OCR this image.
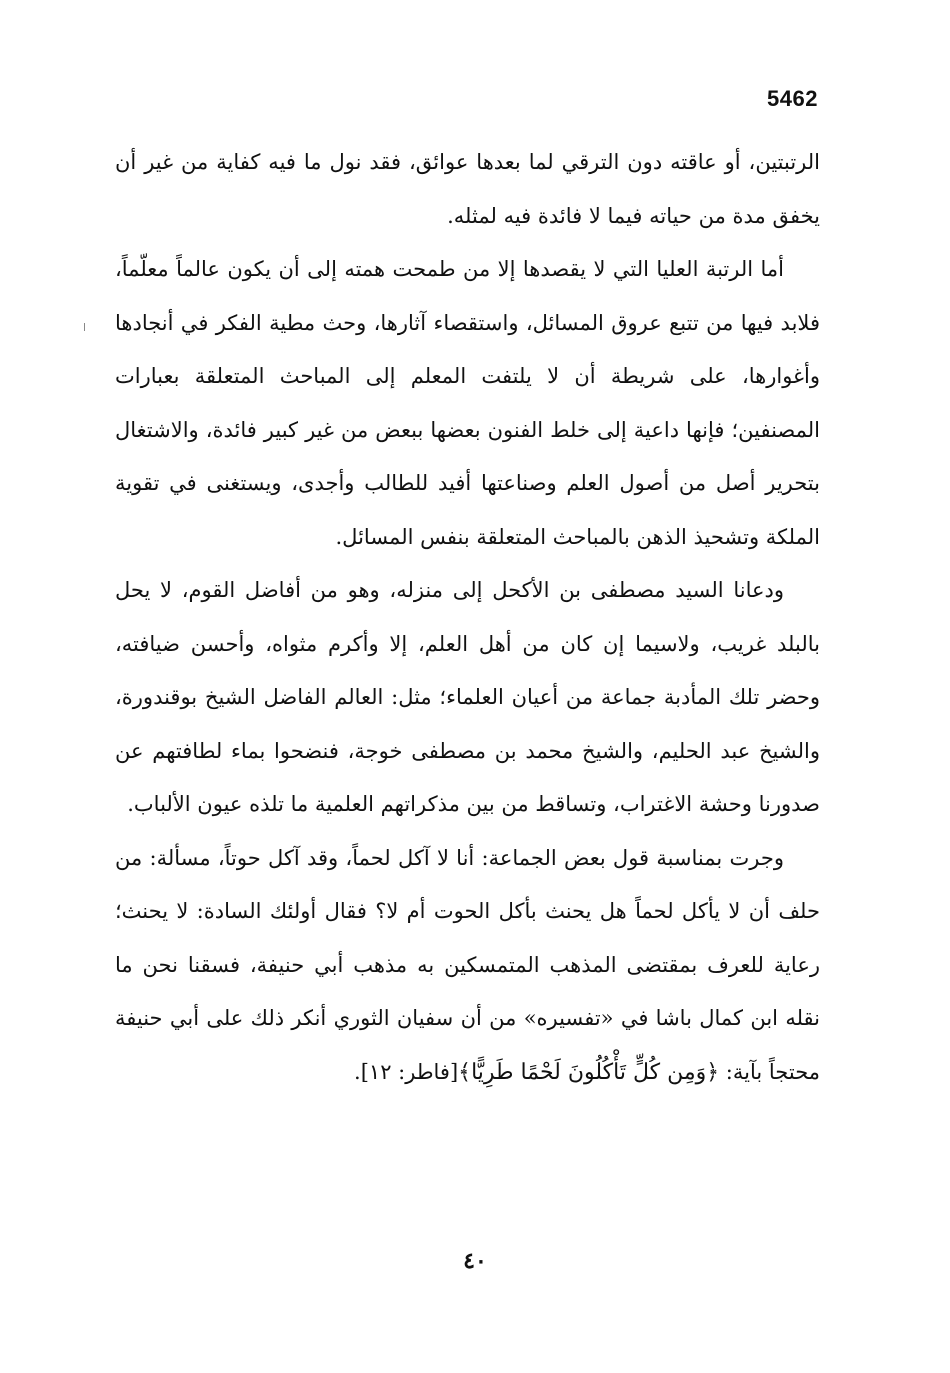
5462

الرتبتين، أو عاقته دون الترقي لما بعدها عوائق، فقد نول ما فيه كفاية من غير أن يخفق مدة من حياته فيما لا فائدة فيه لمثله.

أما الرتبة العليا التي لا يقصدها إلا من طمحت همته إلى أن يكون عالماً معلّماً، فلابد فيها من تتبع عروق المسائل، واستقصاء آثارها، وحث مطية الفكر في أنجادها وأغوارها، على شريطة أن لا يلتفت المعلم إلى المباحث المتعلقة بعبارات المصنفين؛ فإنها داعية إلى خلط الفنون بعضها ببعض من غير كبير فائدة، والاشتغال بتحرير أصل من أصول العلم وصناعتها أفيد للطالب وأجدى، ويستغنى في تقوية الملكة وتشحيذ الذهن بالمباحث المتعلقة بنفس المسائل.

ودعانا السيد مصطفى بن الأكحل إلى منزله، وهو من أفاضل القوم، لا يحل بالبلد غريب، ولاسيما إن كان من أهل العلم، إلا وأكرم مثواه، وأحسن ضيافته، وحضر تلك المأدبة جماعة من أعيان العلماء؛ مثل: العالم الفاضل الشيخ بوقندورة، والشيخ عبد الحليم، والشيخ محمد بن مصطفى خوجة، فنضحوا بماء لطافتهم عن صدورنا وحشة الاغتراب، وتساقط من بين مذكراتهم العلمية ما تلذه عيون الألباب.

وجرت بمناسبة قول بعض الجماعة: أنا لا آكل لحماً، وقد آكل حوتاً، مسألة: من حلف أن لا يأكل لحماً هل يحنث بأكل الحوت أم لا؟ فقال أولئك السادة: لا يحنث؛ رعاية للعرف بمقتضى المذهب المتمسكين به مذهب أبي حنيفة، فسقنا نحن ما نقله ابن كمال باشا في «تفسيره» من أن سفيان الثوري أنكر ذلك على أبي حنيفة محتجاً بآية: ﴿وَمِن كُلٍّ تَأْكُلُونَ لَحْمًا طَرِيًّا﴾[فاطر: ١٢].

٤٠
